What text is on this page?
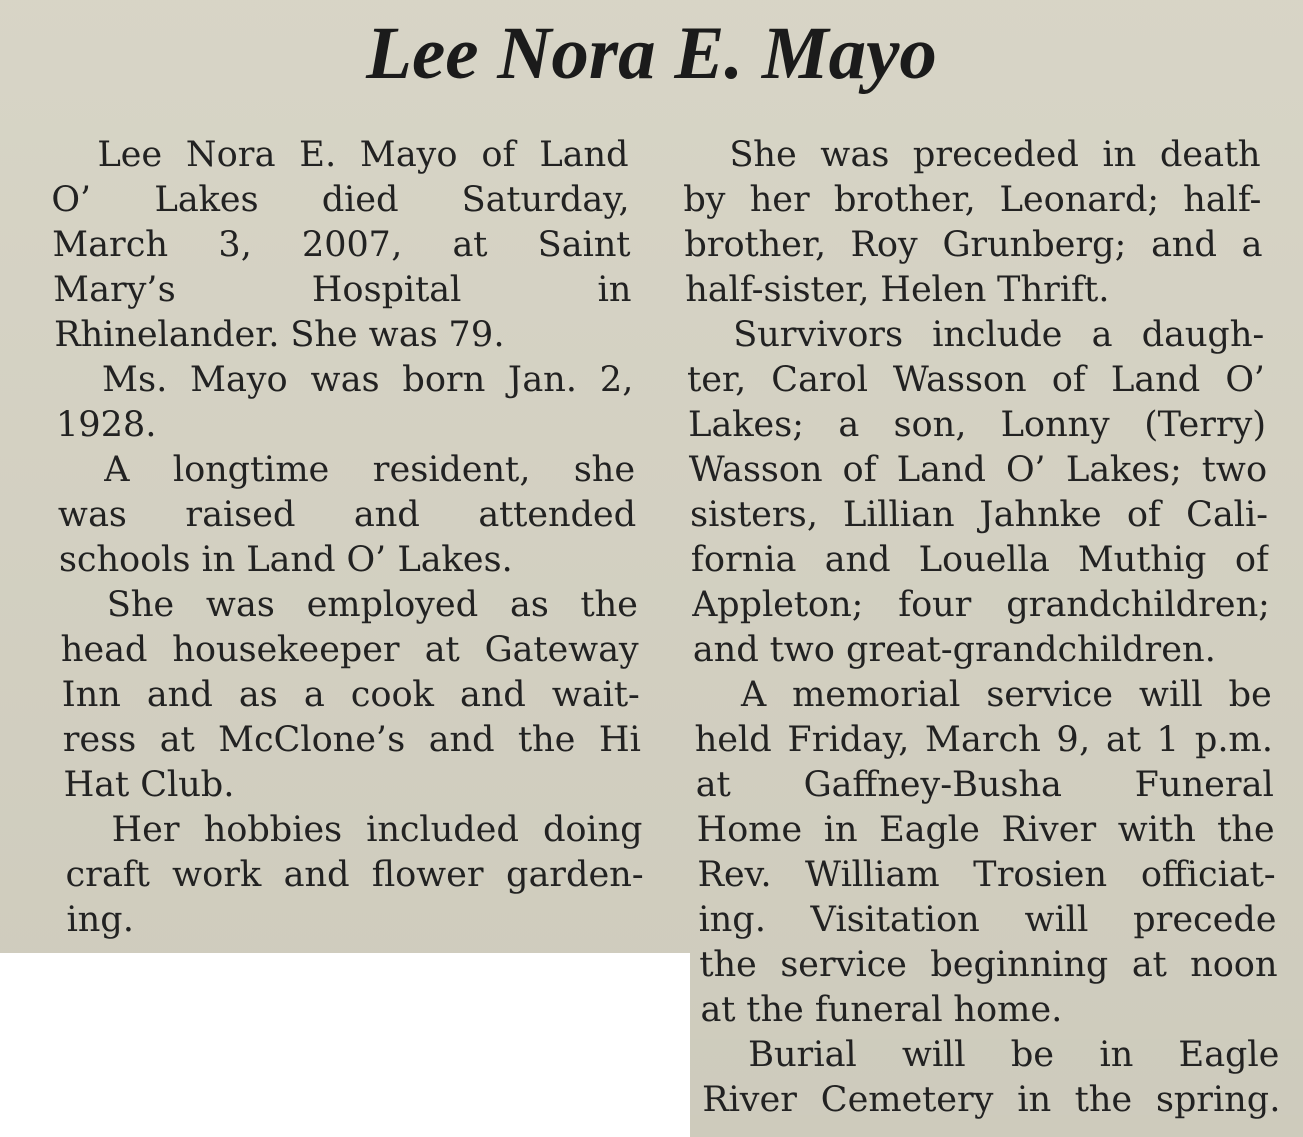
Lee Nora E. Mayo
Lee Nora E. Mayo of Land
O’ Lakes died Saturday,
March 3, 2007, at Saint
Mary’s Hospital in
Rhinelander. She was 79.
Ms. Mayo was born Jan. 2,
1928.
A longtime resident, she
was raised and attended
schools in Land O’ Lakes.
She was employed as the
head housekeeper at Gateway
Inn and as a cook and wait-
ress at McClone’s and the Hi
Hat Club.
Her hobbies included doing
craft work and flower garden-
ing.
She was preceded in death
by her brother, Leonard; half-
brother, Roy Grunberg; and a
half-sister, Helen Thrift.
Survivors include a daugh-
ter, Carol Wasson of Land O’
Lakes; a son, Lonny (Terry)
Wasson of Land O’ Lakes; two
sisters, Lillian Jahnke of Cali-
fornia and Louella Muthig of
Appleton; four grandchildren;
and two great-grandchildren.
A memorial service will be
held Friday, March 9, at 1 p.m.
at Gaffney-Busha Funeral
Home in Eagle River with the
Rev. William Trosien officiat-
ing. Visitation will precede
the service beginning at noon
at the funeral home.
Burial will be in Eagle
River Cemetery in the spring.
